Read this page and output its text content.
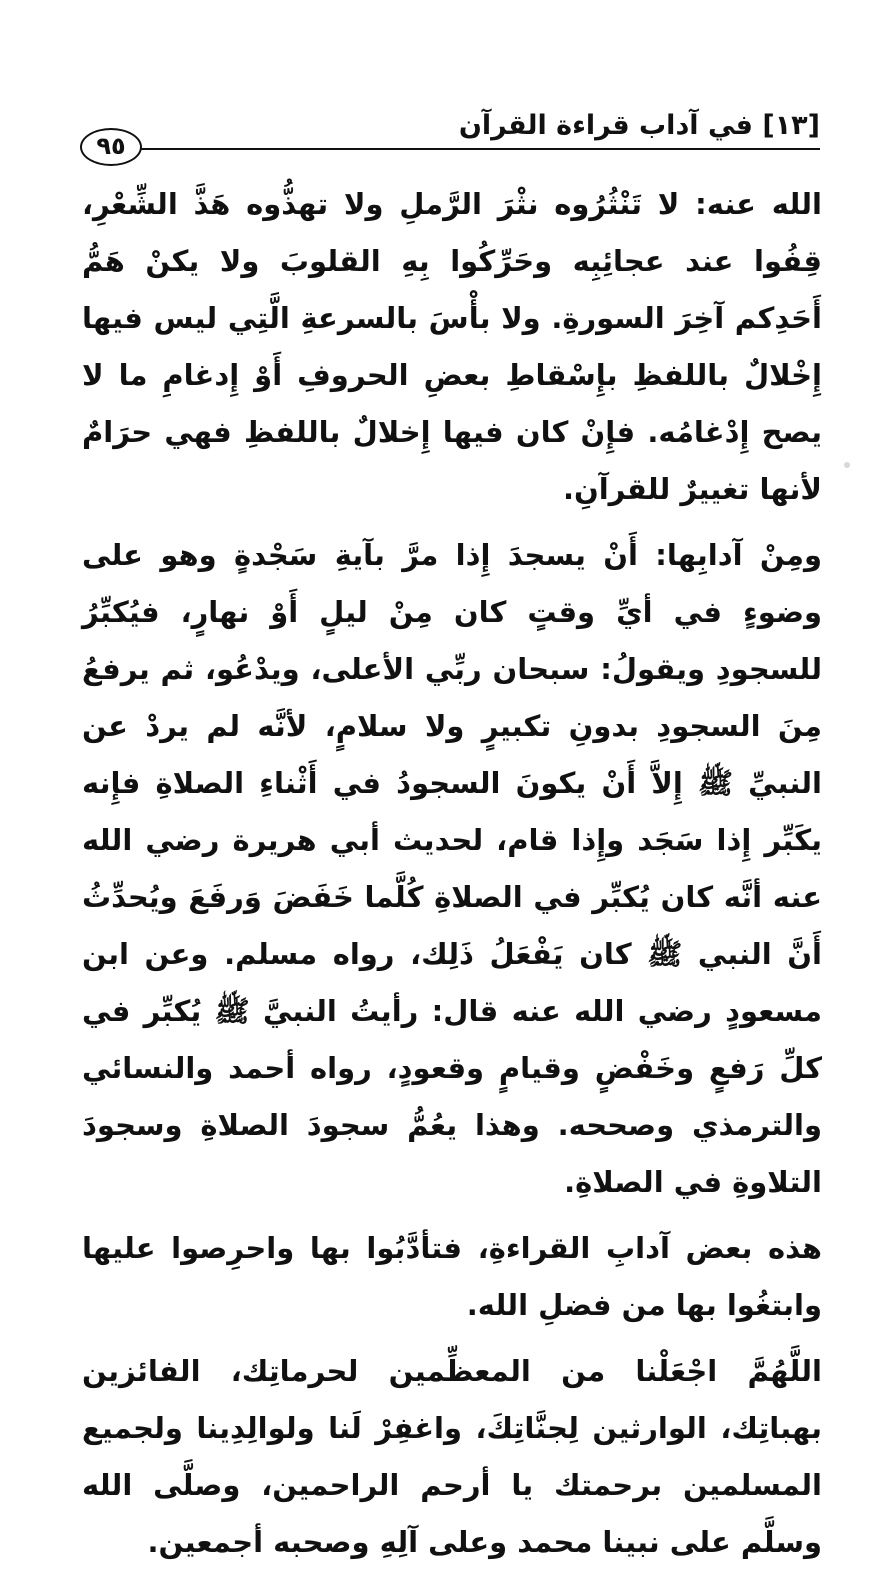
[١٣] في آداب قراءة القرآن
٩٥

الله عنه: لا تَنْثُرُوه نثْرَ الرَّملِ ولا تهذُّوه هَذَّ الشِّعْرِ، قِفُوا عند عجائِبِه وحَرِّكُوا بِهِ القلوبَ ولا يكنْ هَمُّ أَحَدِكم آخِرَ السورةِ. ولا بأْسَ بالسرعةِ الَّتِي ليس فيها إِخْلالٌ باللفظِ بإِسْقاطِ بعضِ الحروفِ أَوْ إِدغامِ ما لا يصح إِدْغامُه. فإِنْ كان فيها إِخلالٌ باللفظِ فهي حرَامٌ لأنها تغييرٌ للقرآنِ.

ومِنْ آدابِها: أَنْ يسجدَ إِذا مرَّ بآيةِ سَجْدةٍ وهو على وضوءٍ في أيِّ وقتٍ كان مِنْ ليلٍ أَوْ نهارٍ، فيُكبِّرُ للسجودِ ويقولُ: سبحان ربِّي الأعلى، ويدْعُو، ثم يرفعُ مِنَ السجودِ بدونِ تكبيرٍ ولا سلامٍ، لأنَّه لم يردْ عن النبيِّ ﷺ إِلاَّ أَنْ يكونَ السجودُ في أَثْناءِ الصلاةِ فإِنه يكَبِّر إِذا سَجَد وإِذا قام، لحديث أبي هريرة رضي الله عنه أنَّه كان يُكبِّر في الصلاةِ كُلَّما خَفَضَ وَرفَعَ ويُحدِّثُ أَنَّ النبي ﷺ كان يَفْعَلُ ذَلِك، رواه مسلم. وعن ابن مسعودٍ رضي الله عنه قال: رأيتُ النبيَّ ﷺ يُكبِّر في كلِّ رَفعٍ وخَفْضٍ وقيامٍ وقعودٍ، رواه أحمد والنسائي والترمذي وصححه. وهذا يعُمُّ سجودَ الصلاةِ وسجودَ التلاوةِ في الصلاةِ.

هذه بعض آدابِ القراءةِ، فتأدَّبُوا بها واحرِصوا عليها وابتغُوا بها من فضلِ الله.

اللَّهُمَّ اجْعَلْنا من المعظِّمين لحرماتِك، الفائزين بهباتِك، الوارثين لِجنَّاتِكَ، واغفِرْ لَنا ولوالِدِينا ولجميع المسلمين برحمتك يا أرحم الراحمين، وصلَّى الله وسلَّم على نبينا محمد وعلى آلِهِ وصحبه أجمعين.
